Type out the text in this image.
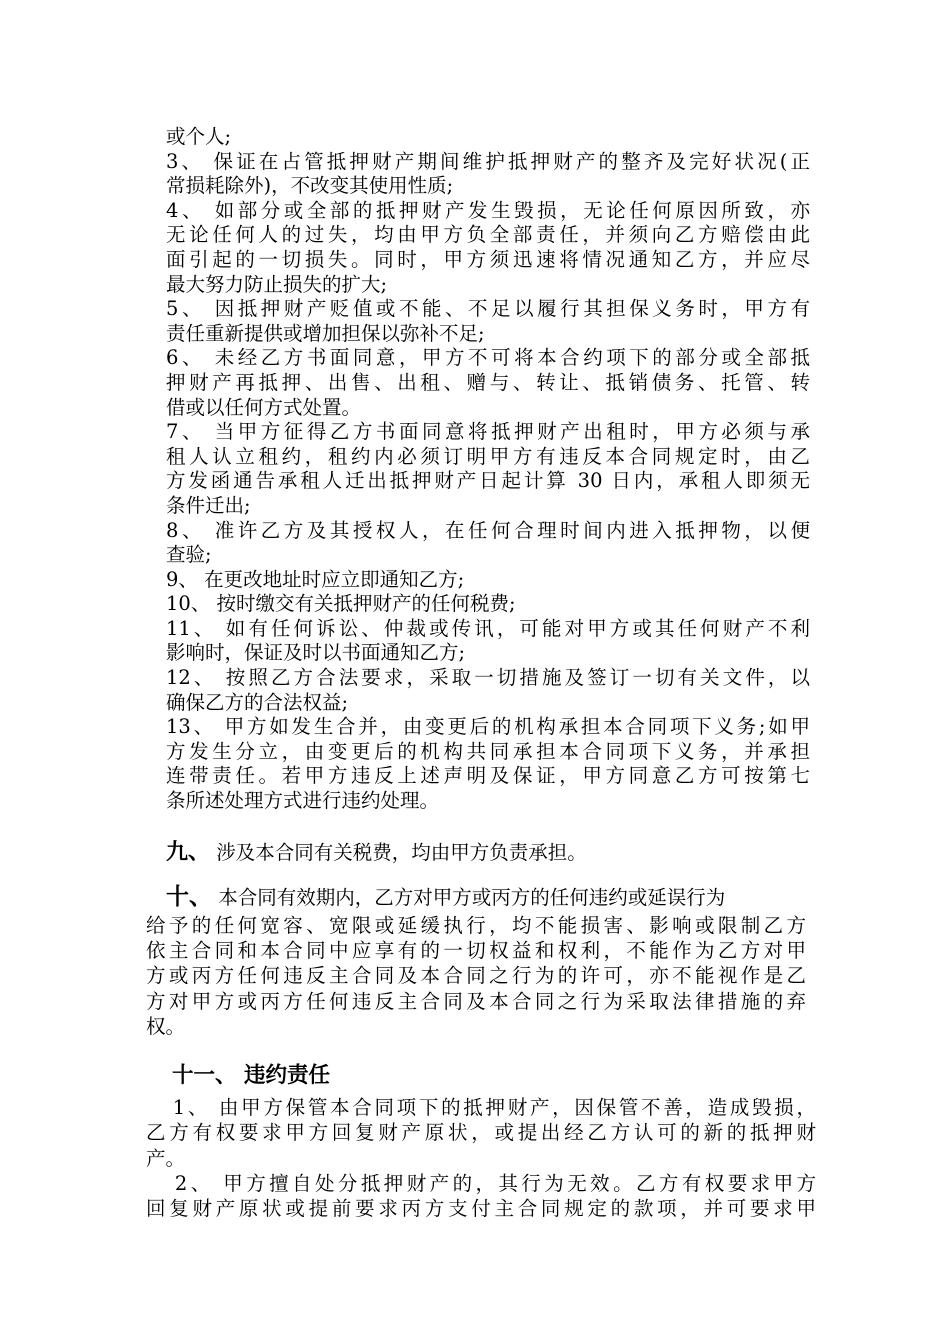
或个人;
3、 保证在占管抵押财产期间维护抵押财产的整齐及完好状况(正
常损耗除外)，不改变其使用性质;
4、 如部分或全部的抵押财产发生毁损，无论任何原因所致，亦
无论任何人的过失，均由甲方负全部责任，并须向乙方赔偿由此
面引起的一切损失。同时，甲方须迅速将情况通知乙方，并应尽
最大努力防止损失的扩大;
5、 因抵押财产贬值或不能、不足以履行其担保义务时，甲方有
责任重新提供或增加担保以弥补不足;
6、 未经乙方书面同意，甲方不可将本合约项下的部分或全部抵
押财产再抵押、出售、出租、赠与、转让、抵销债务、托管、转
借或以任何方式处置。
7、 当甲方征得乙方书面同意将抵押财产出租时，甲方必须与承
租人认立租约，租约内必须订明甲方有违反本合同规定时，由乙
方发函通告承租人迁出抵押财产日起计算 30 日内，承租人即须无
条件迁出;
8、 准许乙方及其授权人，在任何合理时间内进入抵押物，以便
查验;
9、 在更改地址时应立即通知乙方;
10、 按时缴交有关抵押财产的任何税费;
11、 如有任何诉讼、仲裁或传讯，可能对甲方或其任何财产不利
影响时，保证及时以书面通知乙方;
12、 按照乙方合法要求，采取一切措施及签订一切有关文件，以
确保乙方的合法权益;
13、 甲方如发生合并，由变更后的机构承担本合同项下义务;如甲
方发生分立，由变更后的机构共同承担本合同项下义务，并承担
连带责任。若甲方违反上述声明及保证，甲方同意乙方可按第七
条所述处理方式进行违约处理。
九、 涉及本合同有关税费，均由甲方负责承担。
十、 本合同有效期内，乙方对甲方或丙方的任何违约或延误行为
给予的任何宽容、宽限或延缓执行，均不能损害、影响或限制乙方
依主合同和本合同中应享有的一切权益和权利，不能作为乙方对甲
方或丙方任何违反主合同及本合同之行为的许可，亦不能视作是乙
方对甲方或丙方任何违反主合同及本合同之行为采取法律措施的弃
权。
十一、 违约责任
1、 由甲方保管本合同项下的抵押财产，因保管不善，造成毁损，
乙方有权要求甲方回复财产原状，或提出经乙方认可的新的抵押财
产。
2、 甲方擅自处分抵押财产的，其行为无效。乙方有权要求甲方
回复财产原状或提前要求丙方支付主合同规定的款项，并可要求甲
